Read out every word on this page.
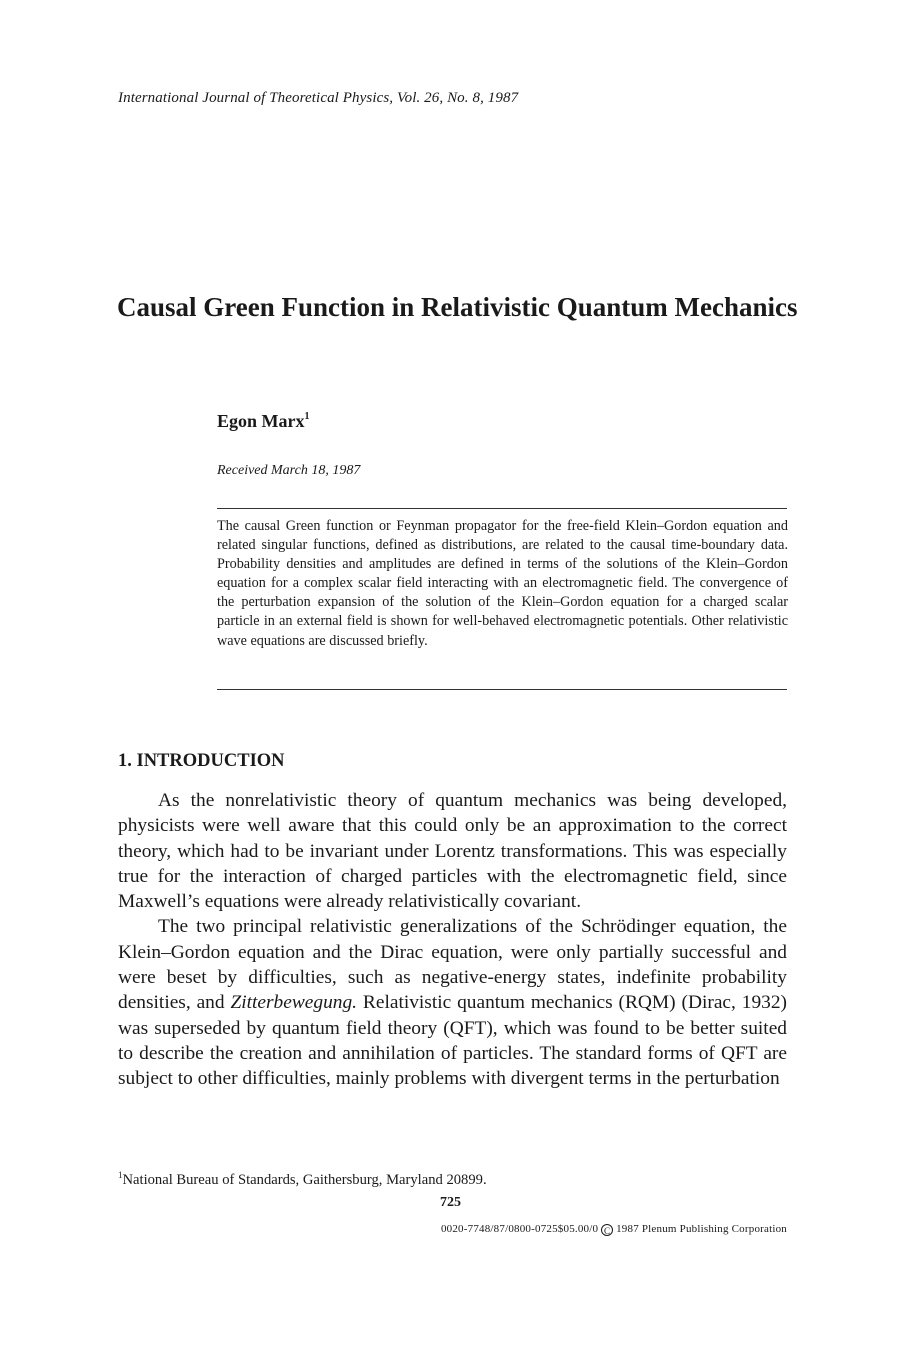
International Journal of Theoretical Physics, Vol. 26, No. 8, 1987
Causal Green Function in Relativistic Quantum Mechanics
Egon Marx$^1$
Received March 18, 1987
The causal Green function or Feynman propagator for the free-field Klein–Gordon equation and related singular functions, defined as distributions, are related to the causal time-boundary data. Probability densities and amplitudes are defined in terms of the solutions of the Klein–Gordon equation for a complex scalar field interacting with an electromagnetic field. The convergence of the perturbation expansion of the solution of the Klein–Gordon equation for a charged scalar particle in an external field is shown for well-behaved electromagnetic potentials. Other relativistic wave equations are discussed briefly.
1. INTRODUCTION

As the nonrelativistic theory of quantum mechanics was being developed, physicists were well aware that this could only be an approximation to the correct theory, which had to be invariant under Lorentz transformations. This was especially true for the interaction of charged particles with the electromagnetic field, since Maxwell’s equations were already relativistically covariant.

The two principal relativistic generalizations of the Schrödinger equation, the Klein–Gordon equation and the Dirac equation, were only partially successful and were beset by difficulties, such as negative-energy states, indefinite probability densities, and Zitterbewegung. Relativistic quantum mechanics (RQM) (Dirac, 1932) was superseded by quantum field theory (QFT), which was found to be better suited to describe the creation and annihilation of particles. The standard forms of QFT are subject to other difficulties, mainly problems with divergent terms in the perturbation

$^1$National Bureau of Standards, Gaithersburg, Maryland 20899.
725
0020-7748/87/0800-0725$05.00/0 C 1987 Plenum Publishing Corporation
